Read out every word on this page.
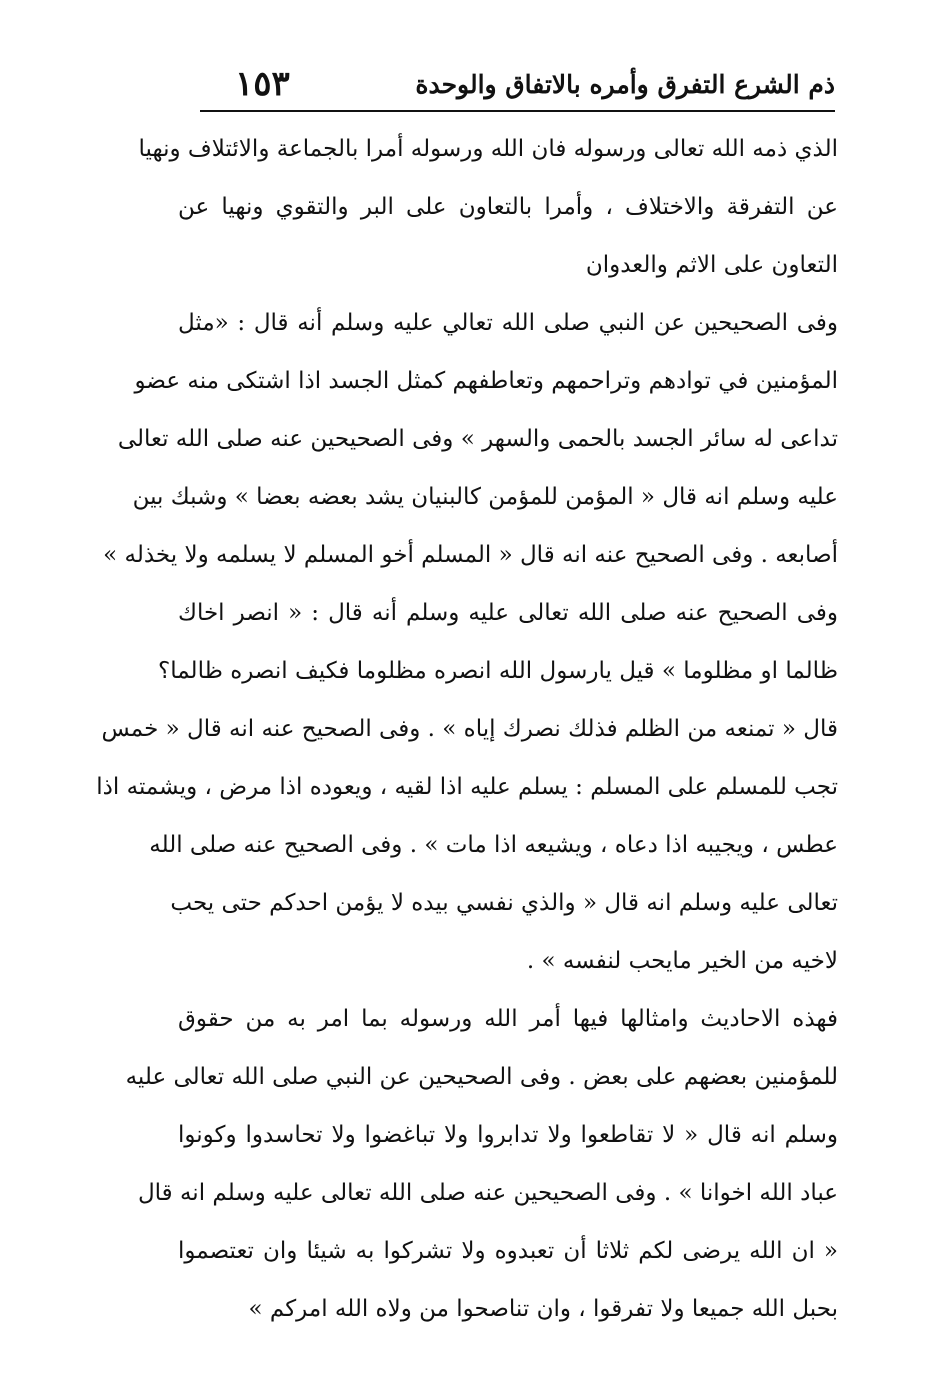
ذم الشرع التفرق وأمره بالاتفاق والوحدة
١٥٣
الذي ذمه الله تعالى ورسوله فان الله ورسوله أمرا بالجماعة والائتلاف ونهيا
عن التفرقة والاختلاف ، وأمرا بالتعاون على البر والتقوي ونهيا عن
التعاون على الاثم والعدوان
وفى الصحيحين عن النبي صلى الله تعالي عليه وسلم أنه قال : «مثل
المؤمنين في توادهم وتراحمهم وتعاطفهم كمثل الجسد اذا اشتكى منه عضو
تداعى له سائر الجسد بالحمى والسهر » وفى الصحيحين عنه صلى الله تعالى
عليه وسلم انه قال « المؤمن للمؤمن كالبنيان يشد بعضه بعضا » وشبك بين
أصابعه . وفى الصحيح عنه انه قال « المسلم أخو المسلم لا يسلمه ولا يخذله »
وفى الصحيح عنه صلى الله تعالى عليه وسلم أنه قال : « انصر اخاك
ظالما او مظلوما » قيل يارسول الله انصره مظلوما فكيف انصره ظالما؟
قال « تمنعه من الظلم فذلك نصرك إياه » . وفى الصحيح عنه انه قال « خمس
تجب للمسلم على المسلم : يسلم عليه اذا لقيه ، ويعوده اذا مرض ، ويشمته اذا
عطس ، ويجيبه اذا دعاه ، ويشيعه اذا مات » . وفى الصحيح عنه صلى الله
تعالى عليه وسلم انه قال « والذي نفسي بيده لا يؤمن احدكم حتى يحب
لاخيه من الخير مايحب لنفسه » .
فهذه الاحاديث وامثالها فيها أمر الله ورسوله بما امر به من حقوق
للمؤمنين بعضهم على بعض . وفى الصحيحين عن النبي صلى الله تعالى عليه
وسلم انه قال « لا تقاطعوا ولا تدابروا ولا تباغضوا ولا تحاسدوا وكونوا
عباد الله اخوانا » . وفى الصحيحين عنه صلى الله تعالى عليه وسلم انه قال
« ان الله يرضى لكم ثلاثا أن تعبدوه ولا تشركوا به شيئا وان تعتصموا
بحبل الله جميعا ولا تفرقوا ، وان تناصحوا من ولاه الله امركم »
